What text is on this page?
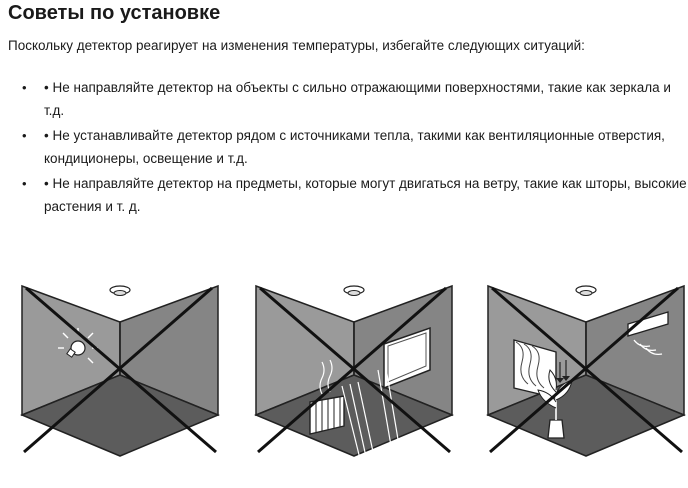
Советы по установке

Поскольку детектор реагирует на изменения температуры, избегайте следующих ситуаций:

• • Не направляйте детектор на объекты с сильно отражающими поверхностями, такие как зеркала и т.д.
• • Не устанавливайте детектор рядом с источниками тепла, такими как вентиляционные отверстия, кондиционеры, освещение и т.д.
• • Не направляйте детектор на предметы, которые могут двигаться на ветру, такие как шторы, высокие растения и т. д.
